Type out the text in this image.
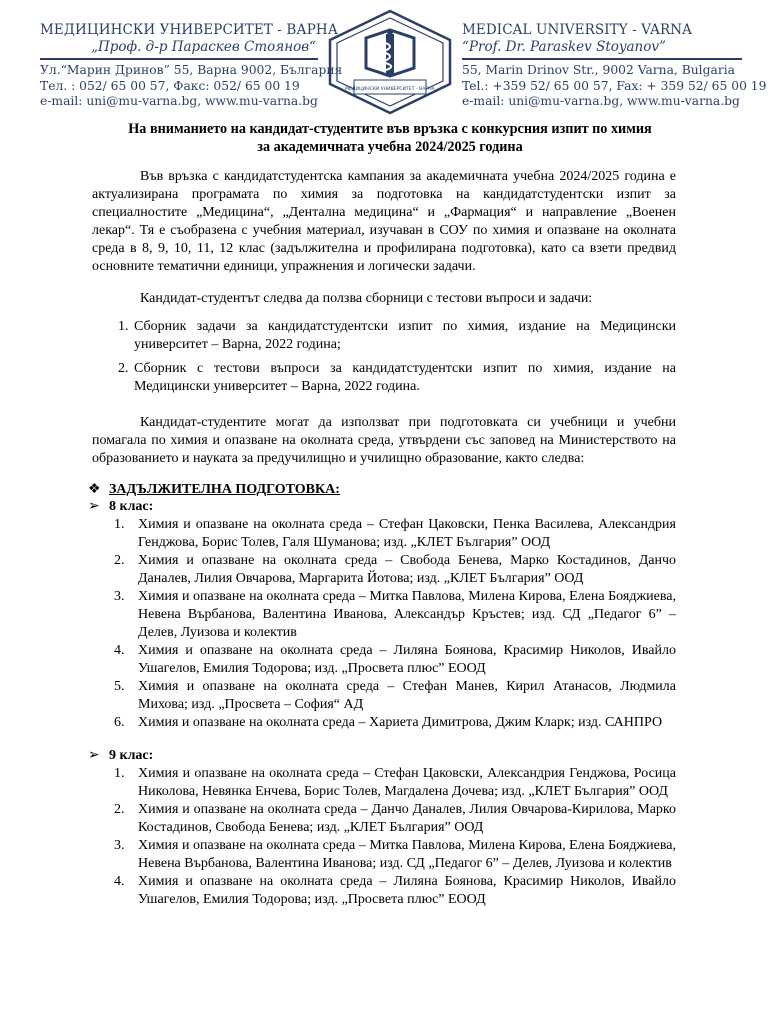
МЕДИЦИНСКИ УНИВЕРСИТЕТ - ВАРНА
„Проф. д-р Параскев Стоянов“
Ул.“Марин Дринов” 55, Варна 9002, България
Тел. : 052/ 65 00 57, Факс: 052/ 65 00 19
e-mail: uni@mu-varna.bg, www.mu-varna.bg
МЕДИЦИНСКИ УНИВЕРСИТЕТ - ВАРНА
MEDICAL UNIVERSITY - VARNA
“Prof. Dr. Paraskev Stoyanov”
55, Marin Drinov Str., 9002 Varna, Bulgaria
Tel.: +359 52/ 65 00 57, Fax: + 359 52/ 65 00 19
e-mail: uni@mu-varna.bg, www.mu-varna.bg
На вниманието на кандидат-студентите във връзка с конкурсния изпит по химия
за академичната учебна 2024/2025 година
Във връзка с кандидатстудентска кампания за академичната учебна 2024/2025 година е актуализирана програмата по химия за подготовка на кандидатстудентски изпит за специалностите „Медицина“, „Дентална медицина“ и „Фармация“ и направление „Военен лекар“. Тя е съобразена с учебния материал, изучаван в СОУ по химия и опазване на околната среда в 8, 9, 10, 11, 12 клас (задължителна и профилирана подготовка), като са взети предвид основните тематични единици, упражнения и логически задачи.
Кандидат-студентът следва да ползва сборници с тестови въпроси и задачи:
1. Сборник задачи за кандидатстудентски изпит по химия, издание на Медицински университет – Варна, 2022 година;
2. Сборник с тестови въпроси за кандидатстудентски изпит по химия, издание на Медицински университет – Варна, 2022 година.
Кандидат-студентите могат да използват при подготовката си учебници и учебни помагала по химия и опазване на околната среда, утвърдени със заповед на Министерството на образованието и науката за предучилищно и училищно образование, както следва:
❖ ЗАДЪЛЖИТЕЛНА ПОДГОТОВКА:
➢ 8 клас:
1. Химия и опазване на околната среда – Стефан Цаковски, Пенка Василева, Александрия Генджова, Борис Толев, Галя Шуманова; изд. „КЛЕТ България” ООД
2. Химия и опазване на околната среда – Свобода Бенева, Марко Костадинов, Данчо Даналев, Лилия Овчарова, Маргарита Йотова; изд. „КЛЕТ България” ООД
3. Химия и опазване на околната среда – Митка Павлова, Милена Кирова, Елена Бояджиева, Невена Върбанова, Валентина Иванова, Александър Кръстев; изд. СД „Педагог 6” – Делев, Луизова и колектив
4. Химия и опазване на околната среда – Лиляна Боянова, Красимир Николов, Ивайло Ушагелов, Емилия Тодорова; изд. „Просвета плюс” ЕООД
5. Химия и опазване на околната среда – Стефан Манев, Кирил Атанасов, Людмила Михова; изд. „Просвета – София“ АД
6. Химия и опазване на околната среда – Хариета Димитрова, Джим Кларк; изд. САНПРО
➢ 9 клас:
1. Химия и опазване на околната среда – Стефан Цаковски, Александрия Генджова, Росица Николова, Невянка Енчева, Борис Толев, Магдалена Дочева; изд. „КЛЕТ България” ООД
2. Химия и опазване на околната среда – Данчо Даналев, Лилия Овчарова-Кирилова, Марко Костадинов, Свобода Бенева; изд. „КЛЕТ България” ООД
3. Химия и опазване на околната среда – Митка Павлова, Милена Кирова, Елена Бояджиева, Невена Върбанова, Валентина Иванова; изд. СД „Педагог 6” – Делев, Луизова и колектив
4. Химия и опазване на околната среда – Лиляна Боянова, Красимир Николов, Ивайло Ушагелов, Емилия Тодорова; изд. „Просвета плюс” ЕООД
